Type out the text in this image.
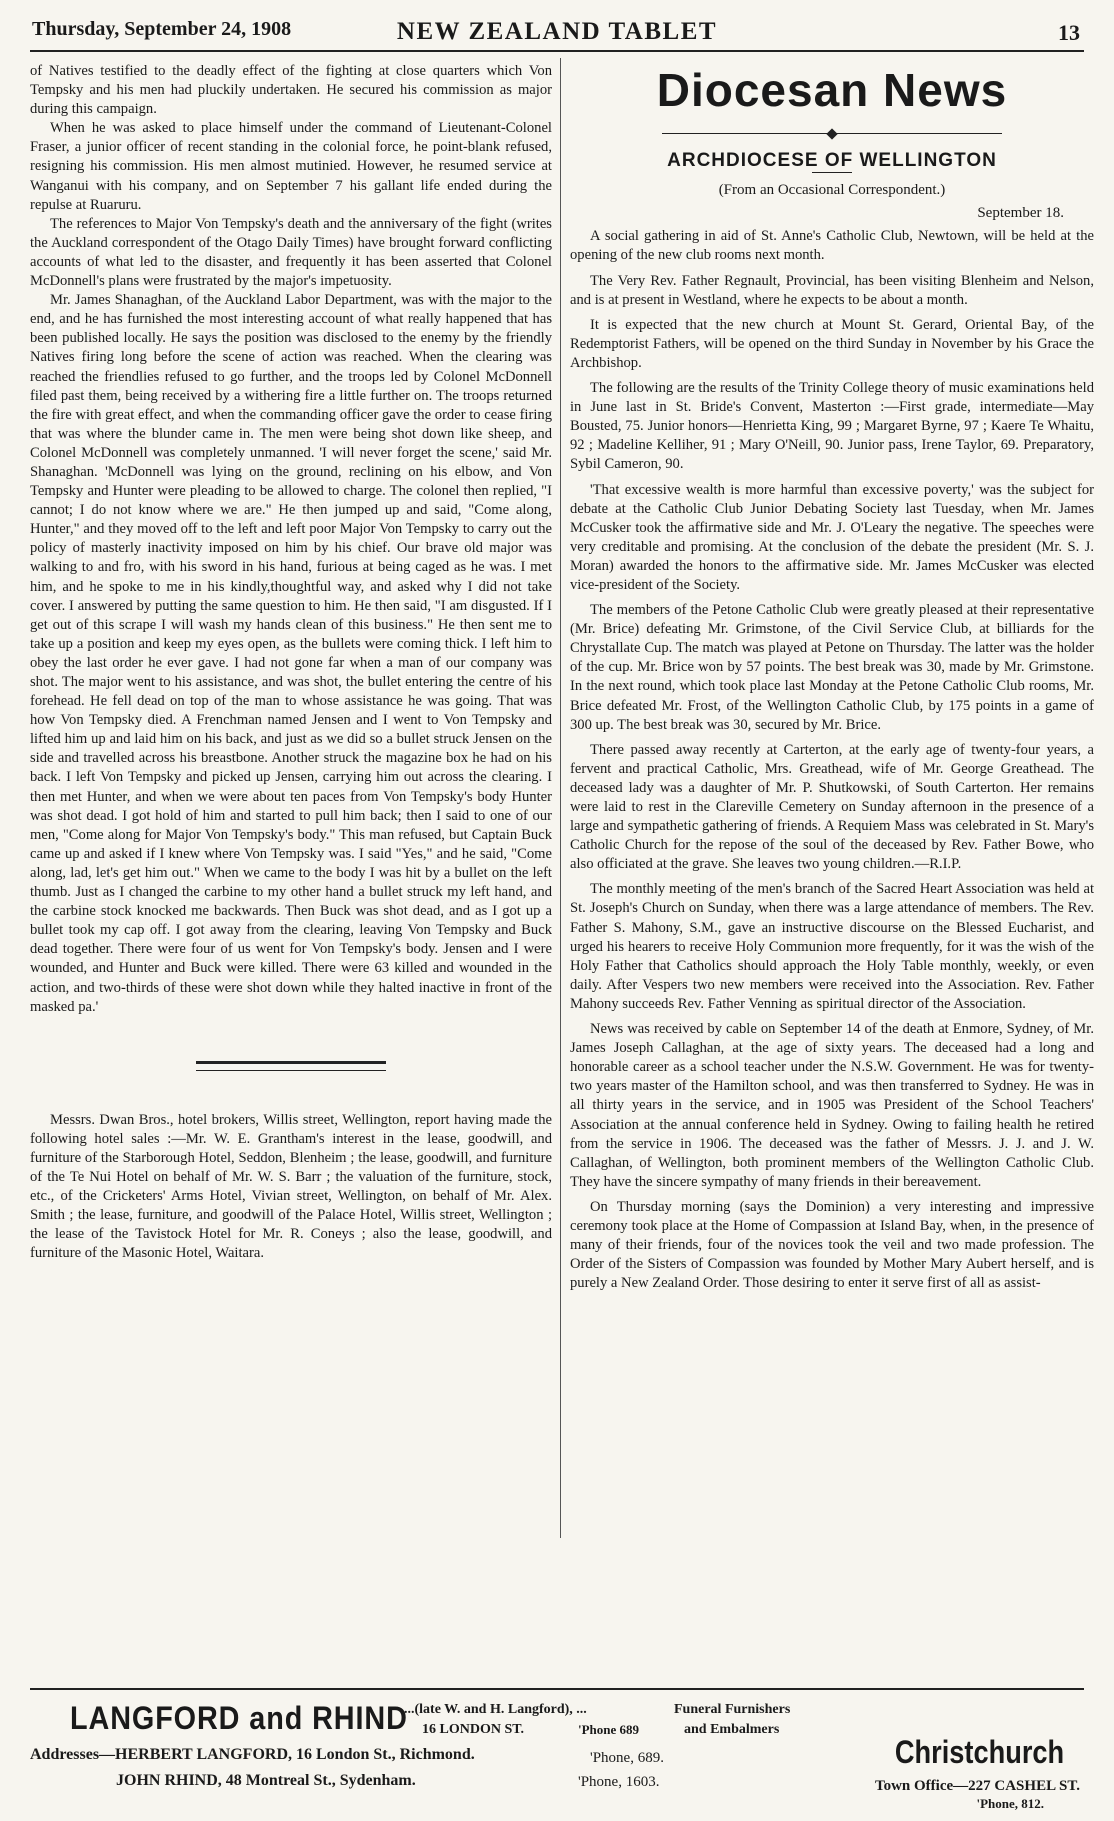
Thursday, September 24, 1908	NEW ZEALAND TABLET	13

of Natives testified to the deadly effect of the fighting at close quarters which Von Tempsky and his men had pluckily undertaken. He secured his commission as major during this campaign.

When he was asked to place himself under the command of Lieutenant-Colonel Fraser, a junior officer of recent standing in the colonial force, he point-blank refused, resigning his commission. His men almost mutinied. However, he resumed service at Wanganui with his company, and on September 7 his gallant life ended during the repulse at Ruaruru.

The references to Major Von Tempsky's death and the anniversary of the fight (writes the Auckland correspondent of the Otago Daily Times) have brought forward conflicting accounts of what led to the disaster, and frequently it has been asserted that Colonel McDonnell's plans were frustrated by the major's impetuosity.

Mr. James Shanaghan, of the Auckland Labor Department, was with the major to the end, and he has furnished the most interesting account of what really happened that has been published locally. He says the position was disclosed to the enemy by the friendly Natives firing long before the scene of action was reached. When the clearing was reached the friendlies refused to go further, and the troops led by Colonel McDonnell filed past them, being received by a withering fire a little further on. The troops returned the fire with great effect, and when the commanding officer gave the order to cease firing that was where the blunder came in. The men were being shot down like sheep, and Colonel McDonnell was completely unmanned. 'I will never forget the scene,' said Mr. Shanaghan. 'McDonnell was lying on the ground, reclining on his elbow, and Von Tempsky and Hunter were pleading to be allowed to charge. The colonel then replied, "I cannot; I do not know where we are." He then jumped up and said, "Come along, Hunter," and they moved off to the left and left poor Major Von Tempsky to carry out the policy of masterly inactivity imposed on him by his chief. Our brave old major was walking to and fro, with his sword in his hand, furious at being caged as he was. I met him, and he spoke to me in his kindly,thoughtful way, and asked why I did not take cover. I answered by putting the same question to him. He then said, "I am disgusted. If I get out of this scrape I will wash my hands clean of this business." He then sent me to take up a position and keep my eyes open, as the bullets were coming thick. I left him to obey the last order he ever gave. I had not gone far when a man of our company was shot. The major went to his assistance, and was shot, the bullet entering the centre of his forehead. He fell dead on top of the man to whose assistance he was going. That was how Von Tempsky died. A Frenchman named Jensen and I went to Von Tempsky and lifted him up and laid him on his back, and just as we did so a bullet struck Jensen on the side and travelled across his breastbone. Another struck the magazine box he had on his back. I left Von Tempsky and picked up Jensen, carrying him out across the clearing. I then met Hunter, and when we were about ten paces from Von Tempsky's body Hunter was shot dead. I got hold of him and started to pull him back; then I said to one of our men, "Come along for Major Von Tempsky's body." This man refused, but Captain Buck came up and asked if I knew where Von Tempsky was. I said "Yes," and he said, "Come along, lad, let's get him out." When we came to the body I was hit by a bullet on the left thumb. Just as I changed the carbine to my other hand a bullet struck my left hand, and the carbine stock knocked me backwards. Then Buck was shot dead, and as I got up a bullet took my cap off. I got away from the clearing, leaving Von Tempsky and Buck dead together. There were four of us went for Von Tempsky's body. Jensen and I were wounded, and Hunter and Buck were killed. There were 63 killed and wounded in the action, and two-thirds of these were shot down while they halted inactive in front of the masked pa.'

Messrs. Dwan Bros., hotel brokers, Willis street, Wellington, report having made the following hotel sales :—Mr. W. E. Grantham's interest in the lease, goodwill, and furniture of the Starborough Hotel, Seddon, Blenheim ; the lease, goodwill, and furniture of the Te Nui Hotel on behalf of Mr. W. S. Barr ; the valuation of the furniture, stock, etc., of the Cricketers' Arms Hotel, Vivian street, Wellington, on behalf of Mr. Alex. Smith ; the lease, furniture, and goodwill of the Palace Hotel, Willis street, Wellington ; the lease of the Tavistock Hotel for Mr. R. Coneys ; also the lease, goodwill, and furniture of the Masonic Hotel, Waitara.

Diocesan News
ARCHDIOCESE OF WELLINGTON
(From an Occasional Correspondent.)
September 18.

A social gathering in aid of St. Anne's Catholic Club, Newtown, will be held at the opening of the new club rooms next month.

The Very Rev. Father Regnault, Provincial, has been visiting Blenheim and Nelson, and is at present in Westland, where he expects to be about a month.

It is expected that the new church at Mount St. Gerard, Oriental Bay, of the Redemptorist Fathers, will be opened on the third Sunday in November by his Grace the Archbishop.

The following are the results of the Trinity College theory of music examinations held in June last in St. Bride's Convent, Masterton :—First grade, intermediate—May Bousted, 75. Junior honors—Henrietta King, 99 ; Margaret Byrne, 97 ; Kaere Te Whaitu, 92 ; Madeline Kelliher, 91 ; Mary O'Neill, 90. Junior pass, Irene Taylor, 69. Preparatory, Sybil Cameron, 90.

'That excessive wealth is more harmful than excessive poverty,' was the subject for debate at the Catholic Club Junior Debating Society last Tuesday, when Mr. James McCusker took the affirmative side and Mr. J. O'Leary the negative. The speeches were very creditable and promising. At the conclusion of the debate the president (Mr. S. J. Moran) awarded the honors to the affirmative side. Mr. James McCusker was elected vice-president of the Society.

The members of the Petone Catholic Club were greatly pleased at their representative (Mr. Brice) defeating Mr. Grimstone, of the Civil Service Club, at billiards for the Chrystallate Cup. The match was played at Petone on Thursday. The latter was the holder of the cup. Mr. Brice won by 57 points. The best break was 30, made by Mr. Grimstone. In the next round, which took place last Monday at the Petone Catholic Club rooms, Mr. Brice defeated Mr. Frost, of the Wellington Catholic Club, by 175 points in a game of 300 up. The best break was 30, secured by Mr. Brice.

There passed away recently at Carterton, at the early age of twenty-four years, a fervent and practical Catholic, Mrs. Greathead, wife of Mr. George Greathead. The deceased lady was a daughter of Mr. P. Shutkowski, of South Carterton. Her remains were laid to rest in the Clareville Cemetery on Sunday afternoon in the presence of a large and sympathetic gathering of friends. A Requiem Mass was celebrated in St. Mary's Catholic Church for the repose of the soul of the deceased by Rev. Father Bowe, who also officiated at the grave. She leaves two young children.—R.I.P.

The monthly meeting of the men's branch of the Sacred Heart Association was held at St. Joseph's Church on Sunday, when there was a large attendance of members. The Rev. Father S. Mahony, S.M., gave an instructive discourse on the Blessed Eucharist, and urged his hearers to receive Holy Communion more frequently, for it was the wish of the Holy Father that Catholics should approach the Holy Table monthly, weekly, or even daily. After Vespers two new members were received into the Association. Rev. Father Mahony succeeds Rev. Father Venning as spiritual director of the Association.

News was received by cable on September 14 of the death at Enmore, Sydney, of Mr. James Joseph Callaghan, at the age of sixty years. The deceased had a long and honorable career as a school teacher under the N.S.W. Government. He was for twenty-two years master of the Hamilton school, and was then transferred to Sydney. He was in all thirty years in the service, and in 1905 was President of the School Teachers' Association at the annual conference held in Sydney. Owing to failing health he retired from the service in 1906. The deceased was the father of Messrs. J. J. and J. W. Callaghan, of Wellington, both prominent members of the Wellington Catholic Club. They have the sincere sympathy of many friends in their bereavement.

On Thursday morning (says the Dominion) a very interesting and impressive ceremony took place at the Home of Compassion at Island Bay, when, in the presence of many of their friends, four of the novices took the veil and two made profession. The Order of the Sisters of Compassion was founded by Mother Mary Aubert herself, and is purely a New Zealand Order. Those desiring to enter it serve first of all as assist-

LANGFORD and RHIND
...(late W. and H. Langford), ...
16 LONDON ST.	'Phone 689
Funeral Furnishers
and Embalmers
Addresses—HERBERT LANGFORD, 16 London St., Richmond.	'Phone, 689.
JOHN RHIND, 48 Montreal St., Sydenham.	'Phone, 1603.
Christchurch
Town Office—227 CASHEL ST.
'Phone, 812.
